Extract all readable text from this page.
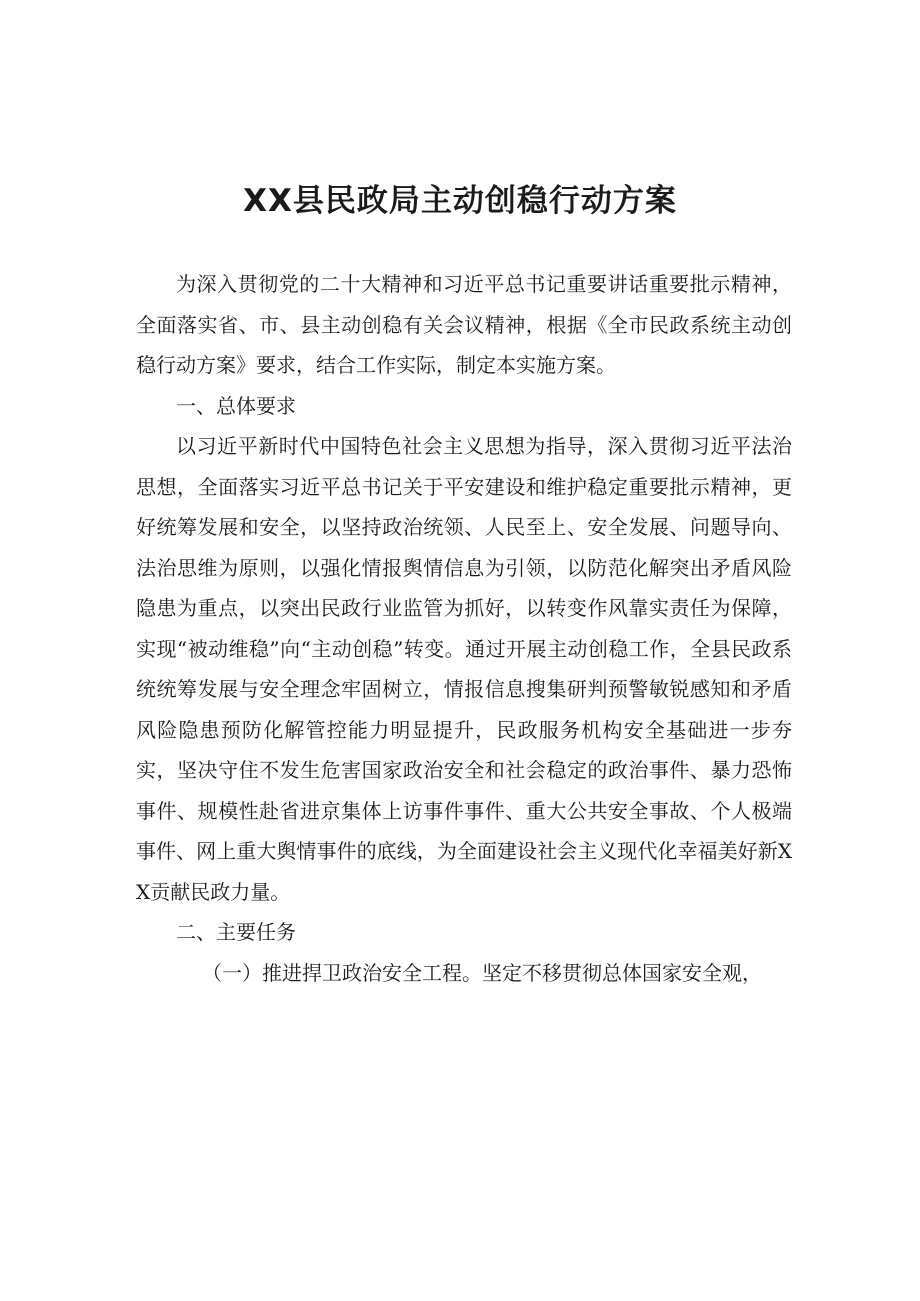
XX县民政局主动创稳行动方案

为深入贯彻党的二十大精神和习近平总书记重要讲话重要批示精神，全面落实省、市、县主动创稳有关会议精神，根据《全市民政系统主动创稳行动方案》要求，结合工作实际，制定本实施方案。

一、总体要求

以习近平新时代中国特色社会主义思想为指导，深入贯彻习近平法治思想，全面落实习近平总书记关于平安建设和维护稳定重要批示精神，更好统筹发展和安全，以坚持政治统领、人民至上、安全发展、问题导向、法治思维为原则，以强化情报舆情信息为引领，以防范化解突出矛盾风险隐患为重点，以突出民政行业监管为抓好，以转变作风靠实责任为保障，实现“被动维稳”向“主动创稳”转变。通过开展主动创稳工作，全县民政系统统筹发展与安全理念牢固树立，情报信息搜集研判预警敏锐感知和矛盾风险隐患预防化解管控能力明显提升，民政服务机构安全基础进一步夯实，坚决守住不发生危害国家政治安全和社会稳定的政治事件、暴力恐怖事件、规模性赴省进京集体上访事件事件、重大公共安全事故、个人极端事件、网上重大舆情事件的底线，为全面建设社会主义现代化幸福美好新XX贡献民政力量。

二、主要任务

（一）推进捍卫政治安全工程。坚定不移贯彻总体国家安全观，
